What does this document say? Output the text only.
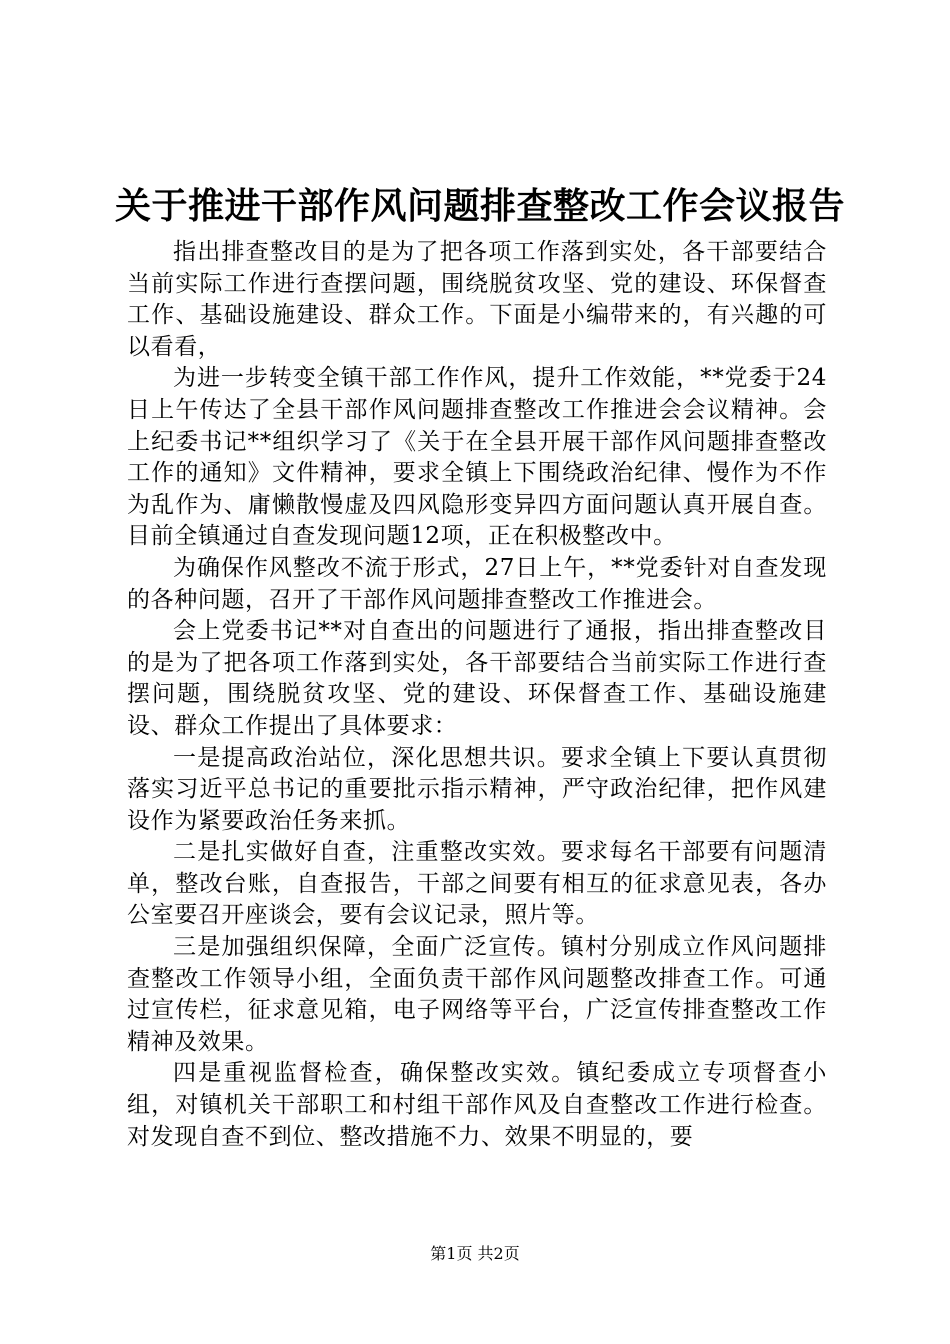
关于推进干部作风问题排查整改工作会议报告

指出排查整改目的是为了把各项工作落到实处，各干部要结合当前实际工作进行查摆问题，围绕脱贫攻坚、党的建设、环保督查工作、基础设施建设、群众工作。下面是小编带来的，有兴趣的可以看看，

为进一步转变全镇干部工作作风，提升工作效能，**党委于24日上午传达了全县干部作风问题排查整改工作推进会会议精神。会上纪委书记**组织学习了《关于在全县开展干部作风问题排查整改工作的通知》文件精神，要求全镇上下围绕政治纪律、慢作为不作为乱作为、庸懒散慢虚及四风隐形变异四方面问题认真开展自查。目前全镇通过自查发现问题12项，正在积极整改中。

为确保作风整改不流于形式，27日上午，**党委针对自查发现的各种问题，召开了干部作风问题排查整改工作推进会。

会上党委书记**对自查出的问题进行了通报，指出排查整改目的是为了把各项工作落到实处，各干部要结合当前实际工作进行查摆问题，围绕脱贫攻坚、党的建设、环保督查工作、基础设施建设、群众工作提出了具体要求：

一是提高政治站位，深化思想共识。要求全镇上下要认真贯彻落实习近平总书记的重要批示指示精神，严守政治纪律，把作风建设作为紧要政治任务来抓。

二是扎实做好自查，注重整改实效。要求每名干部要有问题清单，整改台账，自查报告，干部之间要有相互的征求意见表，各办公室要召开座谈会，要有会议记录，照片等。

三是加强组织保障，全面广泛宣传。镇村分别成立作风问题排查整改工作领导小组，全面负责干部作风问题整改排查工作。可通过宣传栏，征求意见箱，电子网络等平台，广泛宣传排查整改工作精神及效果。

四是重视监督检查，确保整改实效。镇纪委成立专项督查小组，对镇机关干部职工和村组干部作风及自查整改工作进行检查。对发现自查不到位、整改措施不力、效果不明显的，要

第1页 共2页
